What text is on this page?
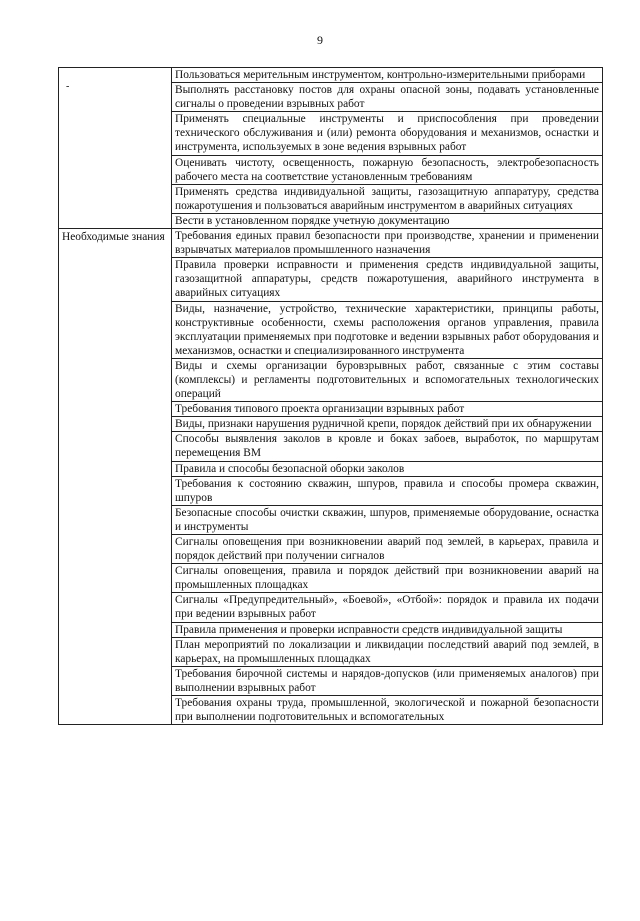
9
-
	Пользоваться мерительным инструментом, контрольно-измерительными приборами
	Выполнять расстановку постов для охраны опасной зоны, подавать установленные сигналы о проведении взрывных работ
	Применять специальные инструменты и приспособления при проведении технического обслуживания и (или) ремонта оборудования и механизмов, оснастки и инструмента, используемых в зоне ведения взрывных работ
	Оценивать чистоту, освещенность, пожарную безопасность, электробезопасность рабочего места на соответствие установленным требованиям
	Применять средства индивидуальной защиты, газозащитную аппаратуру, средства пожаротушения и пользоваться аварийным инструментом в аварийных ситуациях
	Вести в установленном порядке учетную документацию

Необходимые знания	Требования единых правил безопасности при производстве, хранении и применении взрывчатых материалов промышленного назначения
	Правила проверки исправности и применения средств индивидуальной защиты, газозащитной аппаратуры, средств пожаротушения, аварийного инструмента в аварийных ситуациях
	Виды, назначение, устройство, технические характеристики, принципы работы, конструктивные особенности, схемы расположения органов управления, правила эксплуатации применяемых при подготовке и ведении взрывных работ оборудования и механизмов, оснастки и специализированного инструмента
	Виды и схемы организации буровзрывных работ, связанные с этим составы (комплексы) и регламенты подготовительных и вспомогательных технологических операций
	Требования типового проекта организации взрывных работ
	Виды, признаки нарушения рудничной крепи, порядок действий при их обнаружении
	Способы выявления заколов в кровле и боках забоев, выработок, по маршрутам перемещения ВМ
	Правила и способы безопасной оборки заколов
	Требования к состоянию скважин, шпуров, правила и способы промера скважин, шпуров
	Безопасные способы очистки скважин, шпуров, применяемые оборудование, оснастка и инструменты
	Сигналы оповещения при возникновении аварий под землей, в карьерах, правила и порядок действий при получении сигналов
	Сигналы оповещения, правила и порядок действий при возникновении аварий на промышленных площадках
	Сигналы «Предупредительный», «Боевой», «Отбой»: порядок и правила их подачи при ведении взрывных работ
	Правила применения и проверки исправности средств индивидуальной защиты
	План мероприятий по локализации и ликвидации последствий аварий под землей, в карьерах, на промышленных площадках
	Требования бирочной системы и нарядов-допусков (или применяемых аналогов) при выполнении взрывных работ
	Требования охраны труда, промышленной, экологической и пожарной безопасности при выполнении подготовительных и вспомогательных
